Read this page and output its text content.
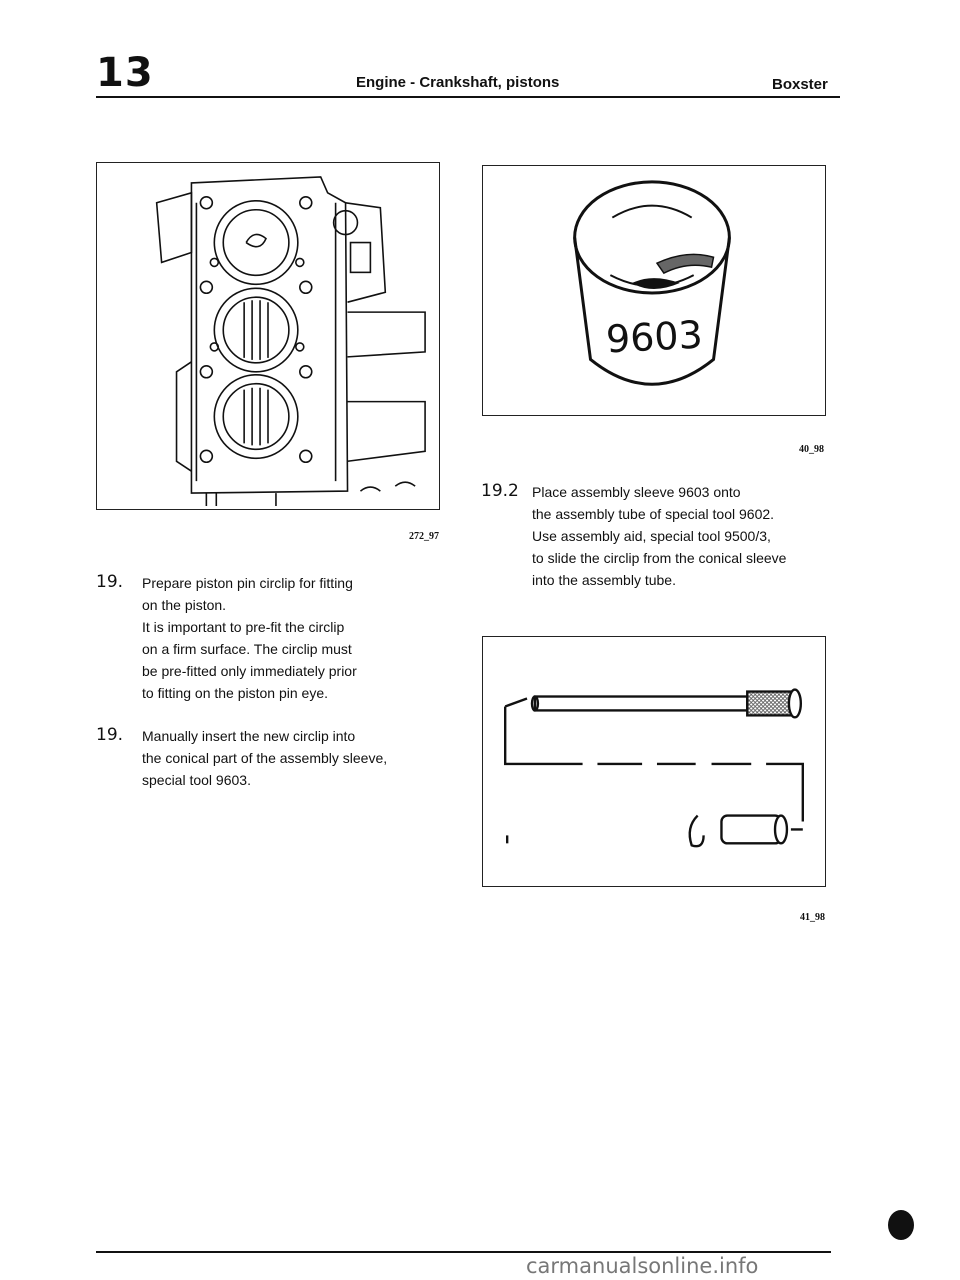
13	Engine - Crankshaft, pistons	Boxster
272_97
9603
40_98
41_98
19. Prepare piston pin circlip for fitting
on the piston.
It is important to pre-fit the circlip
on a firm surface. The circlip must
be pre-fitted only immediately prior
to fitting on the piston pin eye.
19. Manually insert the new circlip into
the conical part of the assembly sleeve,
special tool 9603.
19.2 Place assembly sleeve 9603 onto
the assembly tube of special tool 9602.
Use assembly aid, special tool 9500/3,
to slide the circlip from the conical sleeve
into the assembly tube.
carmanualsonline.info
